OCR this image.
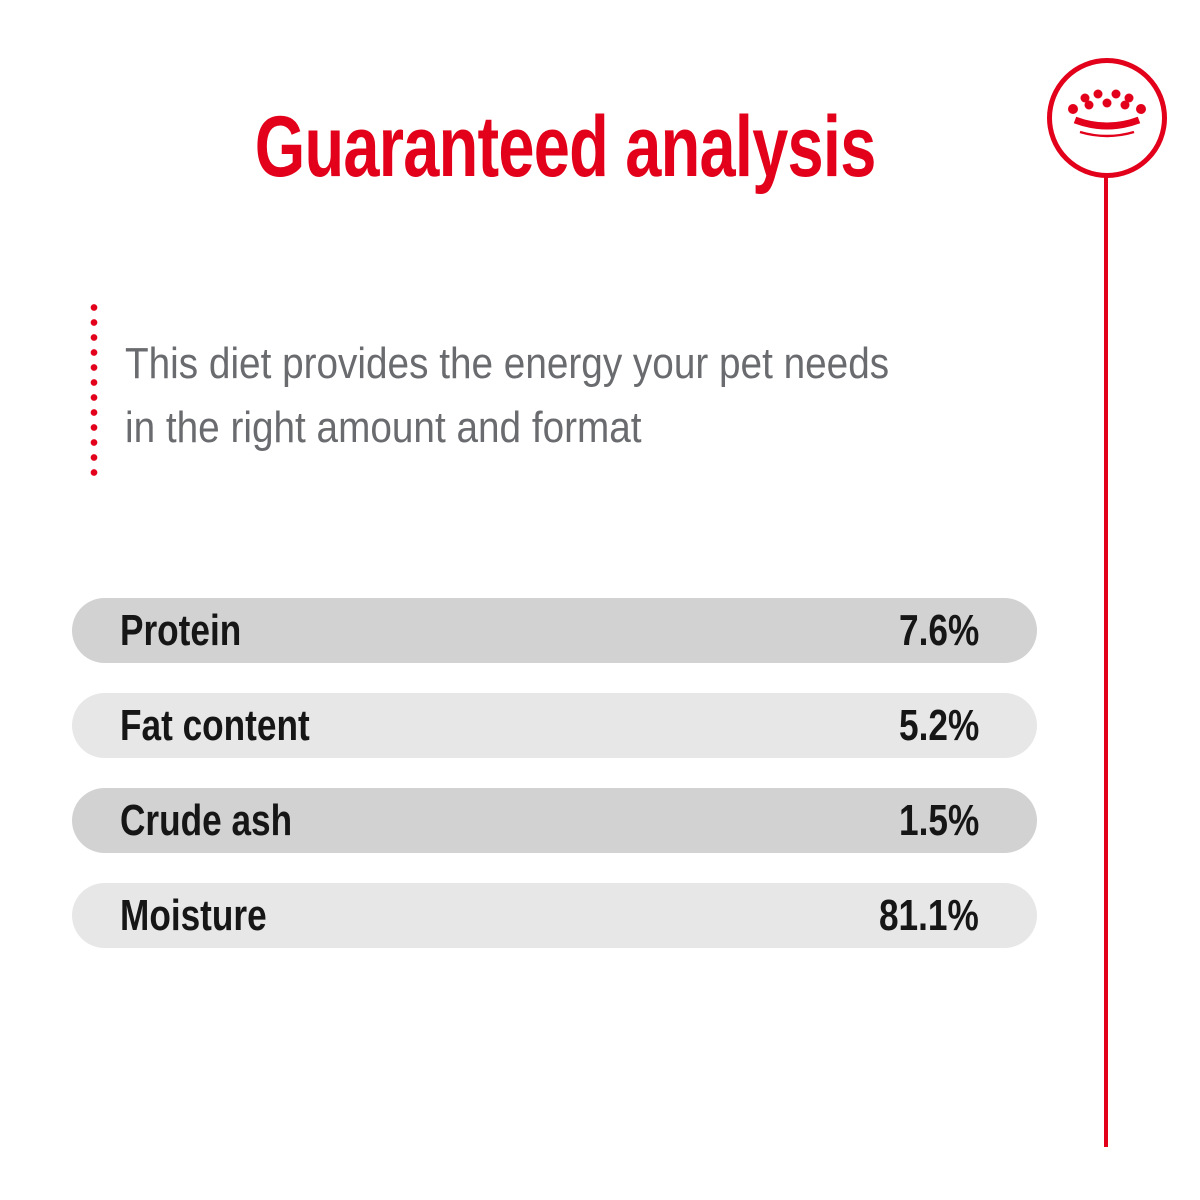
Guaranteed analysis
This diet provides the energy your pet needs
in the right amount and format
Protein	7.6%
Fat content	5.2%
Crude ash	1.5%
Moisture	81.1%
